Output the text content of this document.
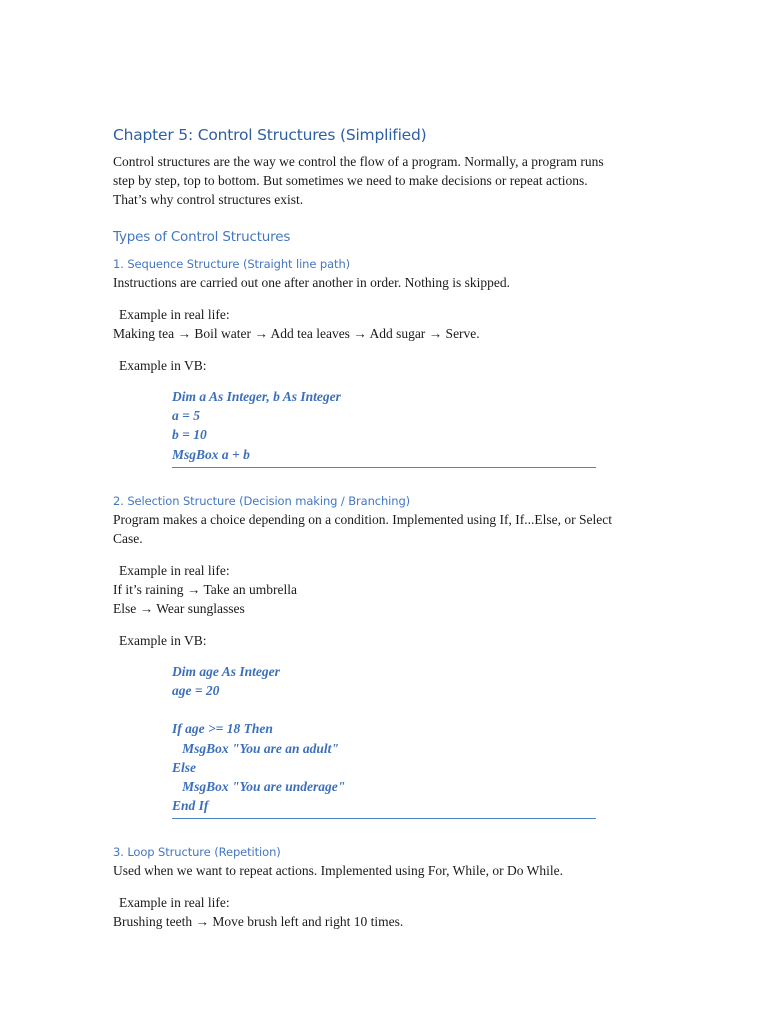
Chapter 5: Control Structures (Simplified)

Control structures are the way we control the flow of a program. Normally, a program runs

step by step, top to bottom. But sometimes we need to make decisions or repeat actions.

That’s why control structures exist.

Types of Control Structures
1. Sequence Structure (Straight line path)

Instructions are carried out one after another in order. Nothing is skipped.

Example in real life:

Making tea → Boil water → Add tea leaves → Add sugar → Serve.

Example in VB:

Dim a As Integer, b As Integer
a = 5
b = 10
MsgBox a + b
2. Selection Structure (Decision making / Branching)

Program makes a choice depending on a condition. Implemented using If, If...Else, or Select

Case.

Example in real life:

If it’s raining → Take an umbrella

Else → Wear sunglasses

Example in VB:

Dim age As Integer
age = 20
If age >= 18 Then
MsgBox "You are an adult"
Else
MsgBox "You are underage"
End If
3. Loop Structure (Repetition)

Used when we want to repeat actions. Implemented using For, While, or Do While.

Example in real life:

Brushing teeth → Move brush left and right 10 times.
